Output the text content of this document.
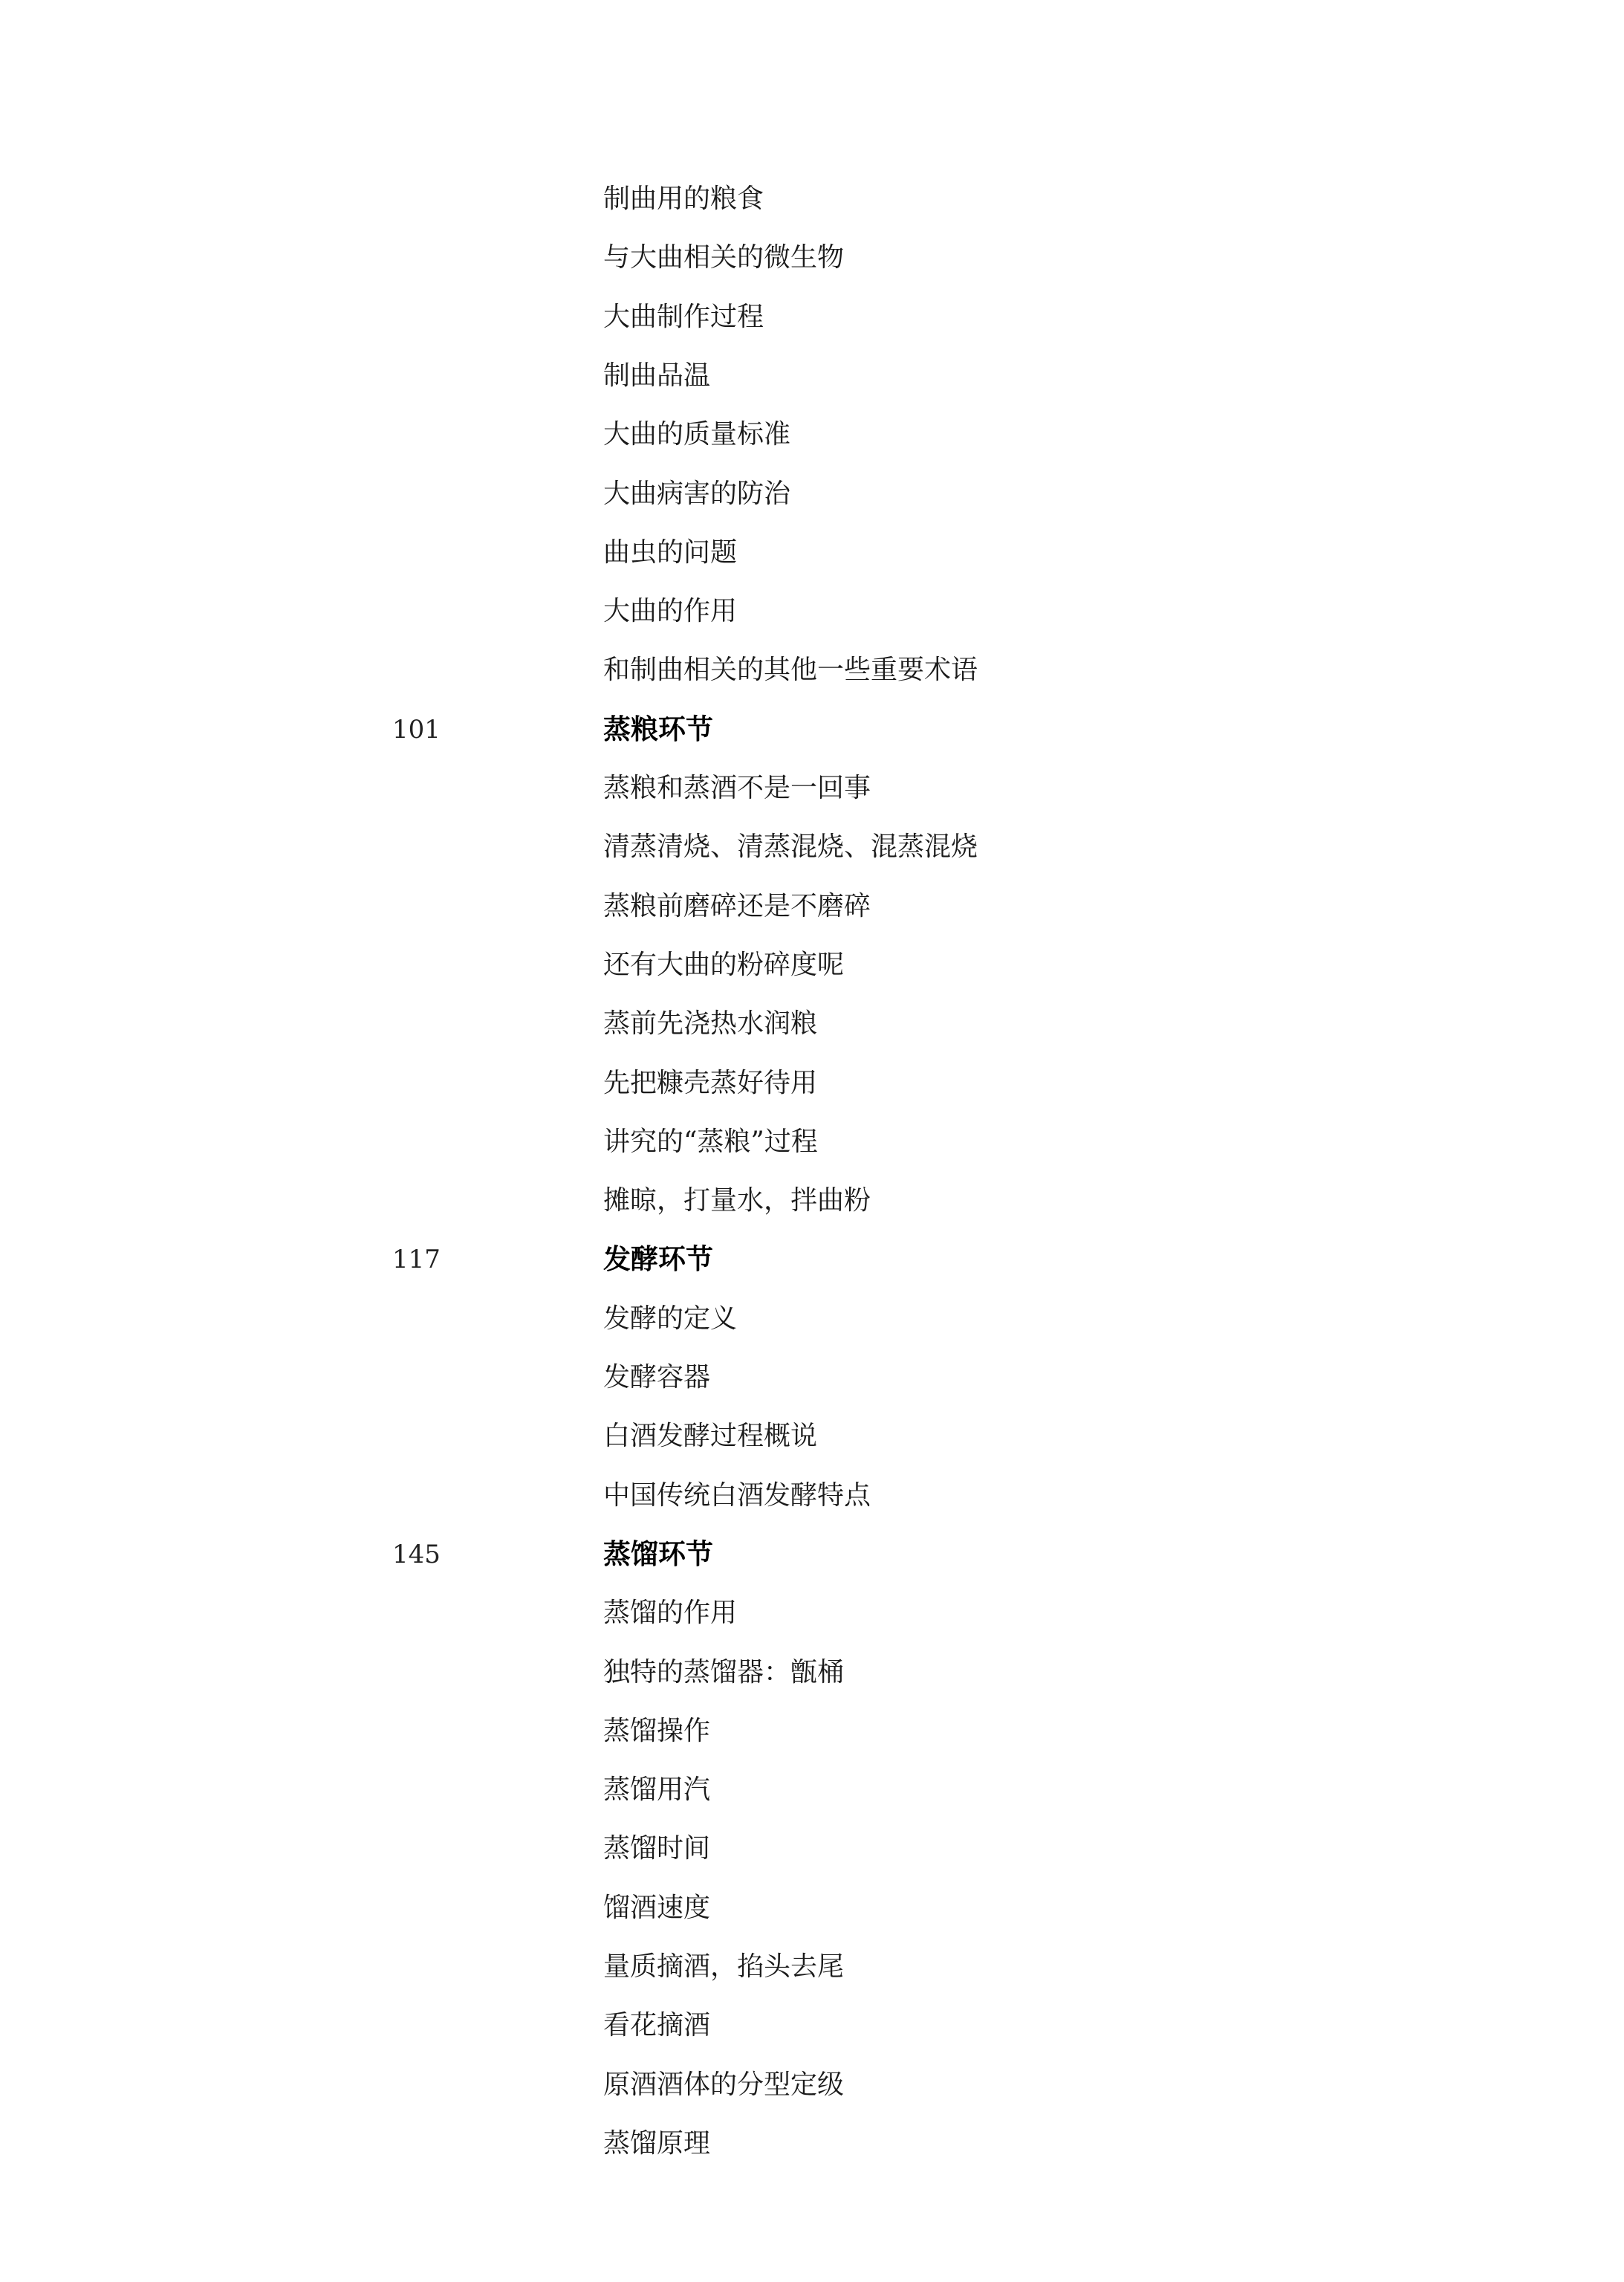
制曲用的粮食
与大曲相关的微生物
大曲制作过程
制曲品温
大曲的质量标准
大曲病害的防治
曲虫的问题
大曲的作用
和制曲相关的其他一些重要术语
101	蒸粮环节
蒸粮和蒸酒不是一回事
清蒸清烧、清蒸混烧、混蒸混烧
蒸粮前磨碎还是不磨碎
还有大曲的粉碎度呢
蒸前先浇热水润粮
先把糠壳蒸好待用
讲究的“蒸粮”过程
摊晾，打量水，拌曲粉
117	发酵环节
发酵的定义
发酵容器
白酒发酵过程概说
中国传统白酒发酵特点
145	蒸馏环节
蒸馏的作用
独特的蒸馏器：甑桶
蒸馏操作
蒸馏用汽
蒸馏时间
馏酒速度
量质摘酒，掐头去尾
看花摘酒
原酒酒体的分型定级
蒸馏原理
